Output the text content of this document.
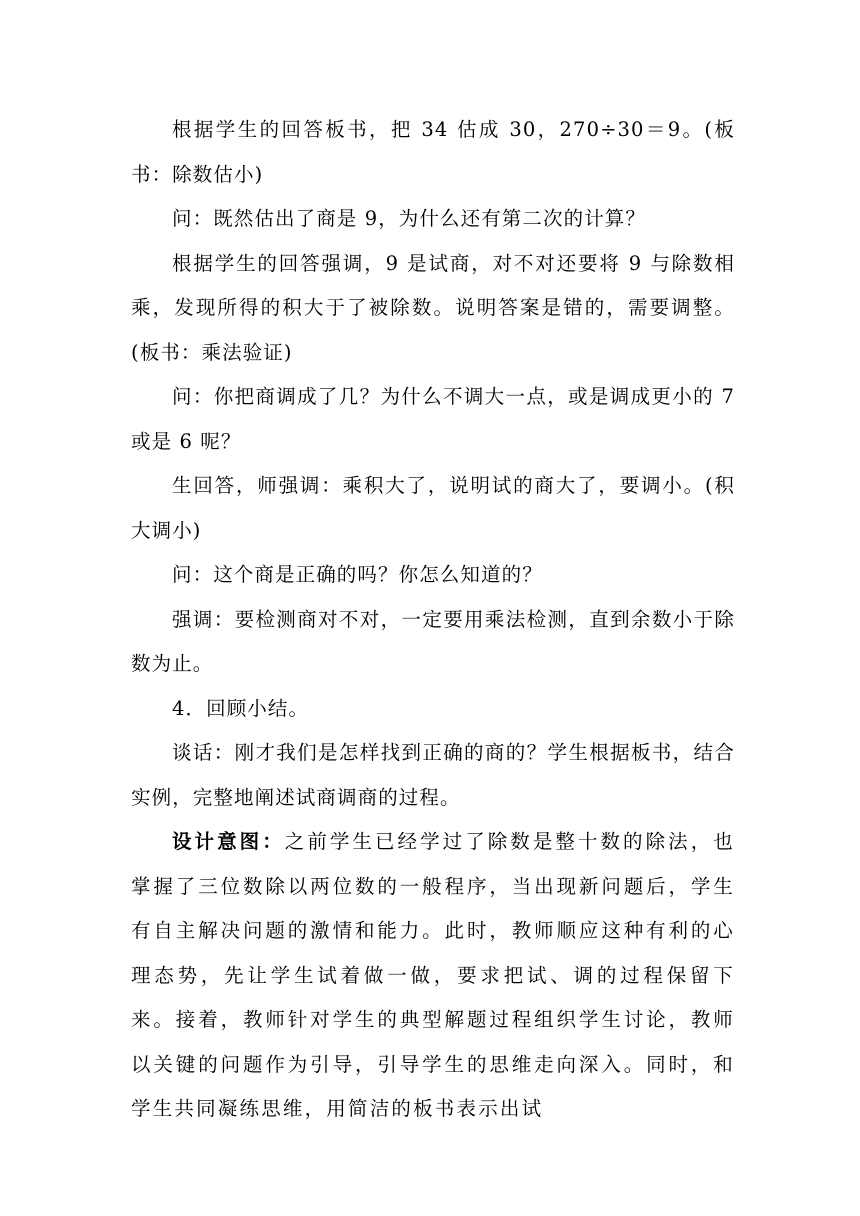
根据学生的回答板书，把 34 估成 30，270÷30＝9。(板书：除数估小)

问：既然估出了商是 9，为什么还有第二次的计算？

根据学生的回答强调，9 是试商，对不对还要将 9 与除数相乘，发现所得的积大于了被除数。说明答案是错的，需要调整。(板书：乘法验证)

问：你把商调成了几？为什么不调大一点，或是调成更小的 7 或是 6 呢？

生回答，师强调：乘积大了，说明试的商大了，要调小。(积大调小)

问：这个商是正确的吗？你怎么知道的？

强调：要检测商对不对，一定要用乘法检测，直到余数小于除数为止。

4．回顾小结。

谈话：刚才我们是怎样找到正确的商的？学生根据板书，结合实例，完整地阐述试商调商的过程。

设计意图：之前学生已经学过了除数是整十数的除法，也掌握了三位数除以两位数的一般程序，当出现新问题后，学生有自主解决问题的激情和能力。此时，教师顺应这种有利的心理态势，先让学生试着做一做，要求把试、调的过程保留下来。接着，教师针对学生的典型解题过程组织学生讨论，教师以关键的问题作为引导，引导学生的思维走向深入。同时，和学生共同凝练思维，用简洁的板书表示出试
